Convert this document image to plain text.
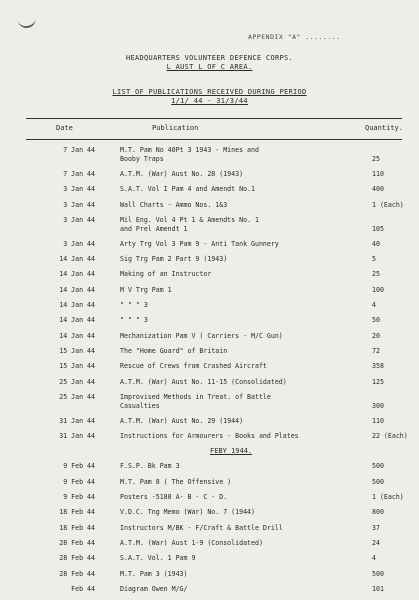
APPENDIX "A" ........
HEADQUARTERS VOLUNTEER DEFENCE CORPS.
L AUST L OF C AREA.
LIST OF PUBLICATIONS RECEIVED DURING PERIOD
1/1/ 44 - 31/3/44
Date	Publication	Quantity.
7 Jan 44	M.T. Pam No 40Pt 3 1943 - Mines and
Booby Traps	25
7 Jan 44	A.T.M. (War) Aust No. 28 (1943)	110
3 Jan 44	S.A.T. Vol I Pam 4 and Amendt No.1	400
3 Jan 44	Wall Charts - Ammo Nos. 1&3	1 (Each)
3 Jan 44	Mil Eng. Vol 4 Pt 1 & Amendts No. 1
and Prel Amendt 1	105
3 Jan 44	Arty Trg Vol 3 Pam 9 - Anti Tank Gunnery	40
14 Jan 44	Sig Trg Pam 2 Part 9 (1943)	5
14 Jan 44	Making of an Instructor	25
14 Jan 44	M V Trg Pam 1	100
14 Jan 44	" " " 3	4
14 Jan 44	" " " 3	50
14 Jan 44	Mechanization Pam V ( Carriers - M/C Gun)	20
15 Jan 44	The "Home Guard" of Britain	72
15 Jan 44	Rescue of Crews from Crashed Aircraft	358
25 Jan 44	A.T.M. (War) Aust No. 11-15 (Consolidated)	125
25 Jan 44	Improvised Methods in Treat. of Battle
Casualties	300
31 Jan 44	A.T.M. (War) Aust No. 29 (1944)	110
31 Jan 44	Instructions for Armourers - Books and Plates	22 (Each)
FEBY 1944.
9 Feb 44	F.S.P. Bk Pam 3	500
9 Feb 44	M.T. Pam 8 ( The Offensive )	500
9 Feb 44	Posters -5188 A- B - C - D.	1 (Each)
18 Feb 44	V.D.C. Tng Memo (War) No. 7 (1944)	800
18 Feb 44	Instructors M/BK - F/Craft & Battle Drill	37
28 Feb 44	A.T.M. (War) Aust 1-9 (Consolidated)	24
28 Feb 44	S.A.T. Vol. 1 Pam 9	4
28 Feb 44	M.T. Pam 3 (1943)	500
Feb 44	Diagram Owen M/G/	101
